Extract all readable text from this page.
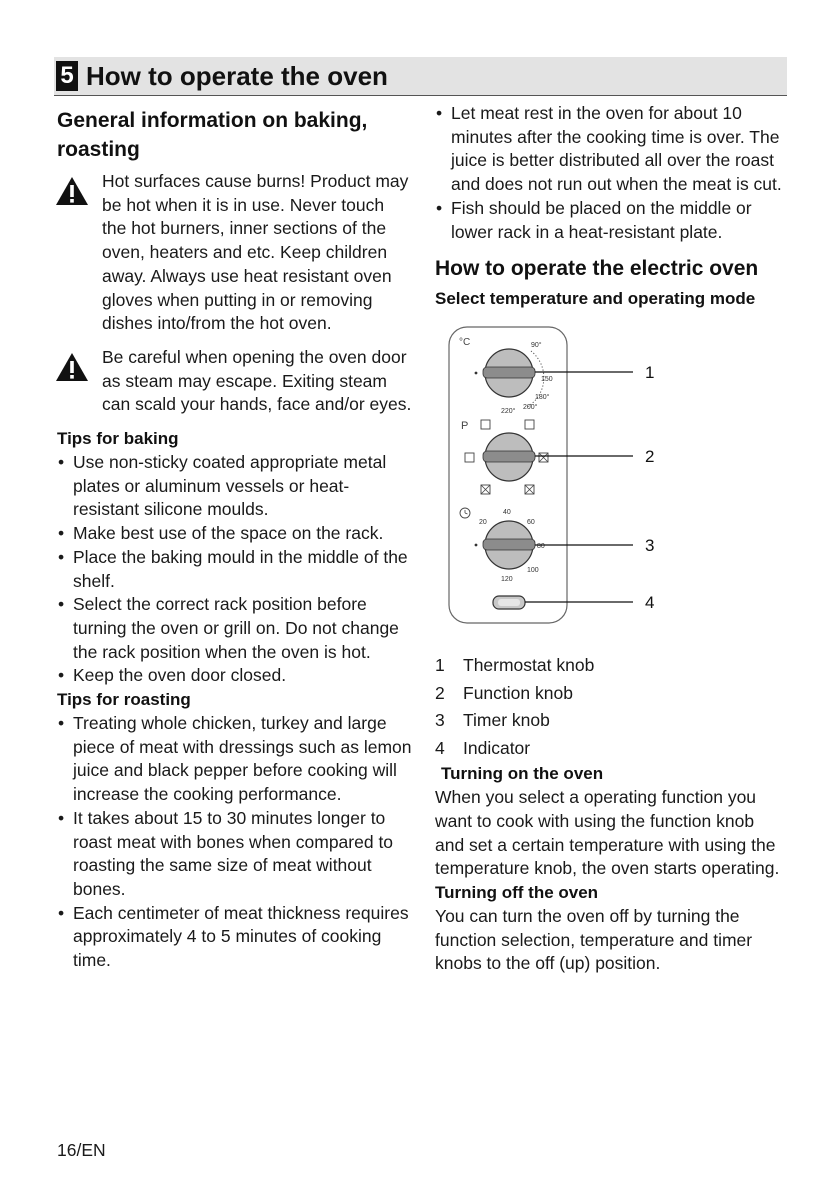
5 How to operate the oven
General information on baking, roasting

Hot surfaces cause burns! Product may be hot when it is in use. Never touch the hot burners, inner sections of the oven, heaters and etc. Keep children away. Always use heat resistant oven gloves when putting in or removing dishes into/from the hot oven.

Be careful when opening the oven door as steam may escape. Exiting steam can scald your hands, face and/or eyes.

Tips for baking
• Use non-sticky coated appropriate metal plates or aluminum vessels or heat-resistant silicone moulds.
• Make best use of the space on the rack.
• Place the baking mould in the middle of the shelf.
• Select the correct rack position before turning the oven or grill on. Do not change the rack position when the oven is hot.
• Keep the oven door closed.
Tips for roasting
• Treating whole chicken, turkey and large piece of meat with dressings such as lemon juice and black pepper before cooking will increase the cooking performance.
• It takes about 15 to 30 minutes longer to roast meat with bones when compared to roasting the same size of meat without bones.
• Each centimeter of meat thickness requires approximately 4 to 5 minutes of cooking time.
• Let meat rest in the oven for about 10 minutes after the cooking time is over. The juice is better distributed all over the roast and does not run out when the meat is cut.
• Fish should be placed on the middle or lower rack in a heat-resistant plate.
How to operate the electric oven
Select temperature and operating mode
°C	90°
150
180°
200°
220°
1
P
2
40
20	60
80
100
120
3
4
1 Thermostat knob
2 Function knob
3 Timer knob
4 Indicator
Turning on the oven

When you select a operating function you want to cook with using the function knob and set a certain temperature with using the temperature knob, the oven starts operating.

Turning off the oven

You can turn the oven off by turning the function selection, temperature and timer knobs to the off (up) position.

16/EN
